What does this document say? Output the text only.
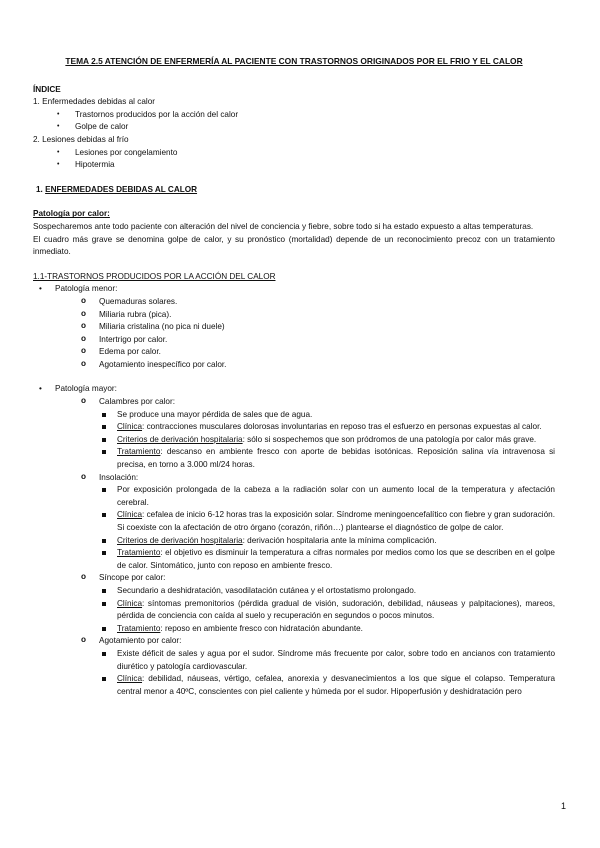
TEMA 2.5 ATENCIÓN DE ENFERMERÍA AL PACIENTE CON TRASTORNOS ORIGINADOS POR EL FRIO Y EL CALOR

ÍNDICE

1. Enfermedades debidas al calor

• Trastornos producidos por la acción del calor
• Golpe de calor

2. Lesiones debidas al frío

• Lesiones por congelamiento
• Hipotermia

1. ENFERMEDADES DEBIDAS AL CALOR

Patología por calor:

Sospecharemos ante todo paciente con alteración del nivel de conciencia y fiebre, sobre todo si ha estado expuesto a altas temperaturas.

El cuadro más grave se denomina golpe de calor, y su pronóstico (mortalidad) depende de un reconocimiento precoz con un tratamiento inmediato.

1.1-TRASTORNOS PRODUCIDOS POR LA ACCIÓN DEL CALOR

• Patología menor:
o Quemaduras solares.
o Miliaria rubra (pica).
o Miliaria cristalina (no pica ni duele)
o Intertrigo por calor.
o Edema por calor.
o Agotamiento inespecífico por calor.
• Patología mayor:
o Calambres por calor:
Se produce una mayor pérdida de sales que de agua.
Clínica: contracciones musculares dolorosas involuntarias en reposo tras el esfuerzo en personas expuestas al calor.
Criterios de derivación hospitalaria: sólo si sospechemos que son pródromos de una patología por calor más grave.
Tratamiento: descanso en ambiente fresco con aporte de bebidas isotónicas. Reposición salina vía intravenosa si precisa, en torno a 3.000 ml/24 horas.
o Insolación:
Por exposición prolongada de la cabeza a la radiación solar con un aumento local de la temperatura y afectación cerebral.
Clínica: cefalea de inicio 6-12 horas tras la exposición solar. Síndrome meningoencefalítico con fiebre y gran sudoración. Si coexiste con la afectación de otro órgano (corazón, riñón…) plantearse el diagnóstico de golpe de calor.
Criterios de derivación hospitalaria: derivación hospitalaria ante la mínima complicación.
Tratamiento: el objetivo es disminuir la temperatura a cifras normales por medios como los que se describen en el golpe de calor. Sintomático, junto con reposo en ambiente fresco.
o Síncope por calor:
Secundario a deshidratación, vasodilatación cutánea y el ortostatismo prolongado.
Clínica: síntomas premonitorios (pérdida gradual de visión, sudoración, debilidad, náuseas y palpitaciones), mareos, pérdida de conciencia con caída al suelo y recuperación en segundos o pocos minutos.
Tratamiento: reposo en ambiente fresco con hidratación abundante.
o Agotamiento por calor:
Existe déficit de sales y agua por el sudor. Síndrome más frecuente por calor, sobre todo en ancianos con tratamiento diurético y patología cardiovascular.
Clínica: debilidad, náuseas, vértigo, cefalea, anorexia y desvanecimientos a los que sigue el colapso. Temperatura central menor a 40ºC, conscientes con piel caliente y húmeda por el sudor. Hipoperfusión y deshidratación pero
1
